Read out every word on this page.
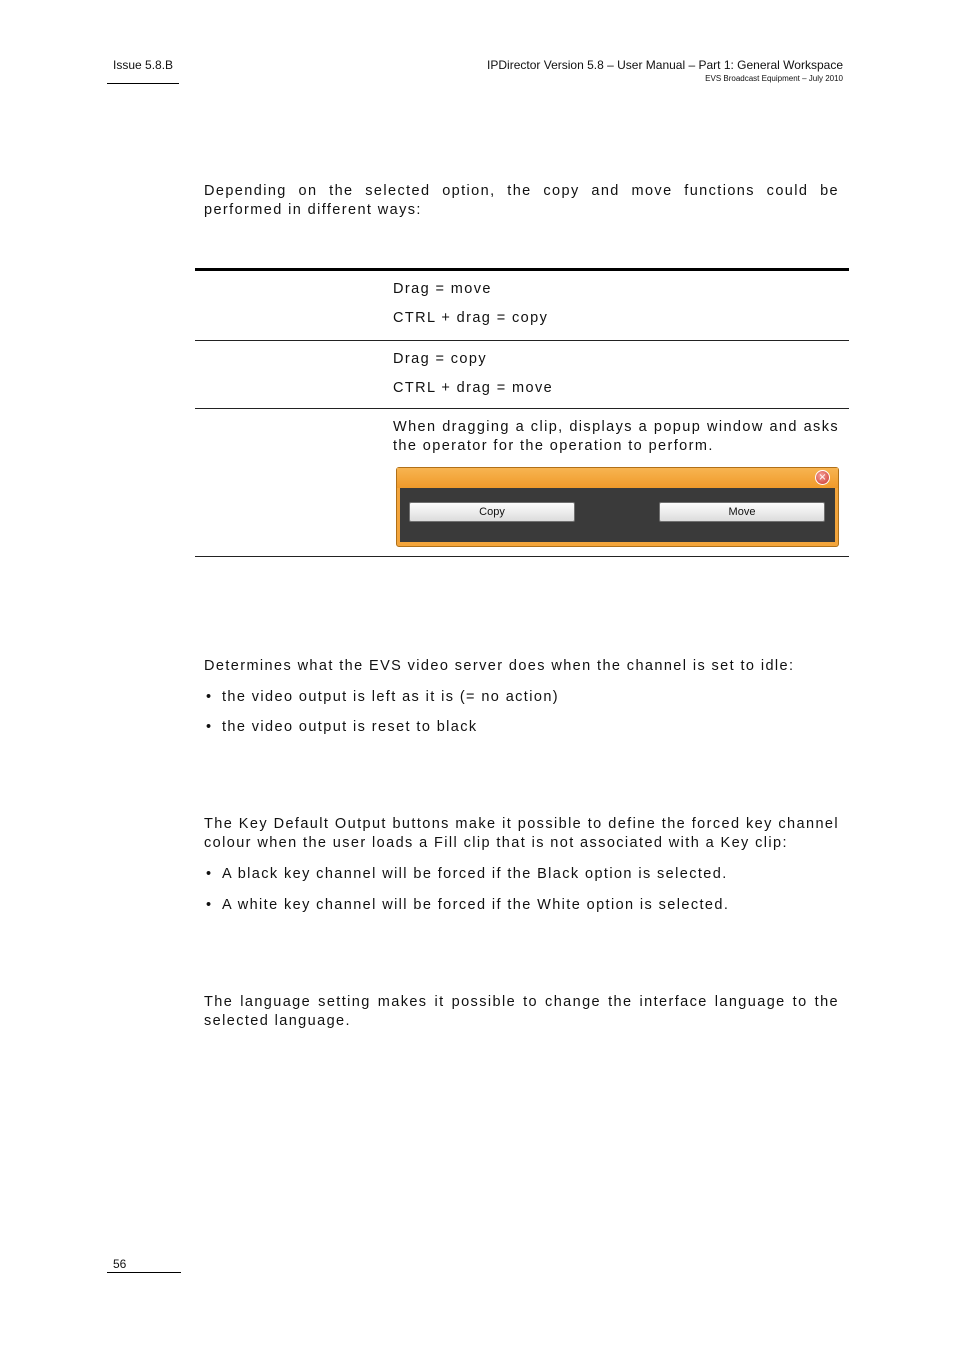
Issue 5.8.B	IPDirector Version 5.8 – User Manual – Part 1: General Workspace
EVS Broadcast Equipment – July 2010
Depending on the selected option, the copy and move functions could be performed in different ways:
Drag = move
CTRL + drag = copy
Drag = copy
CTRL + drag = move
When dragging a clip, displays a popup window and asks the operator for the operation to perform.
×
Copy	Move
Determines what the EVS video server does when the channel is set to idle:
• the video output is left as it is (= no action)
• the video output is reset to black
The Key Default Output buttons make it possible to define the forced key channel colour when the user loads a Fill clip that is not associated with a Key clip:
• A black key channel will be forced if the Black option is selected.
• A white key channel will be forced if the White option is selected.
The language setting makes it possible to change the interface language to the selected language.
56
